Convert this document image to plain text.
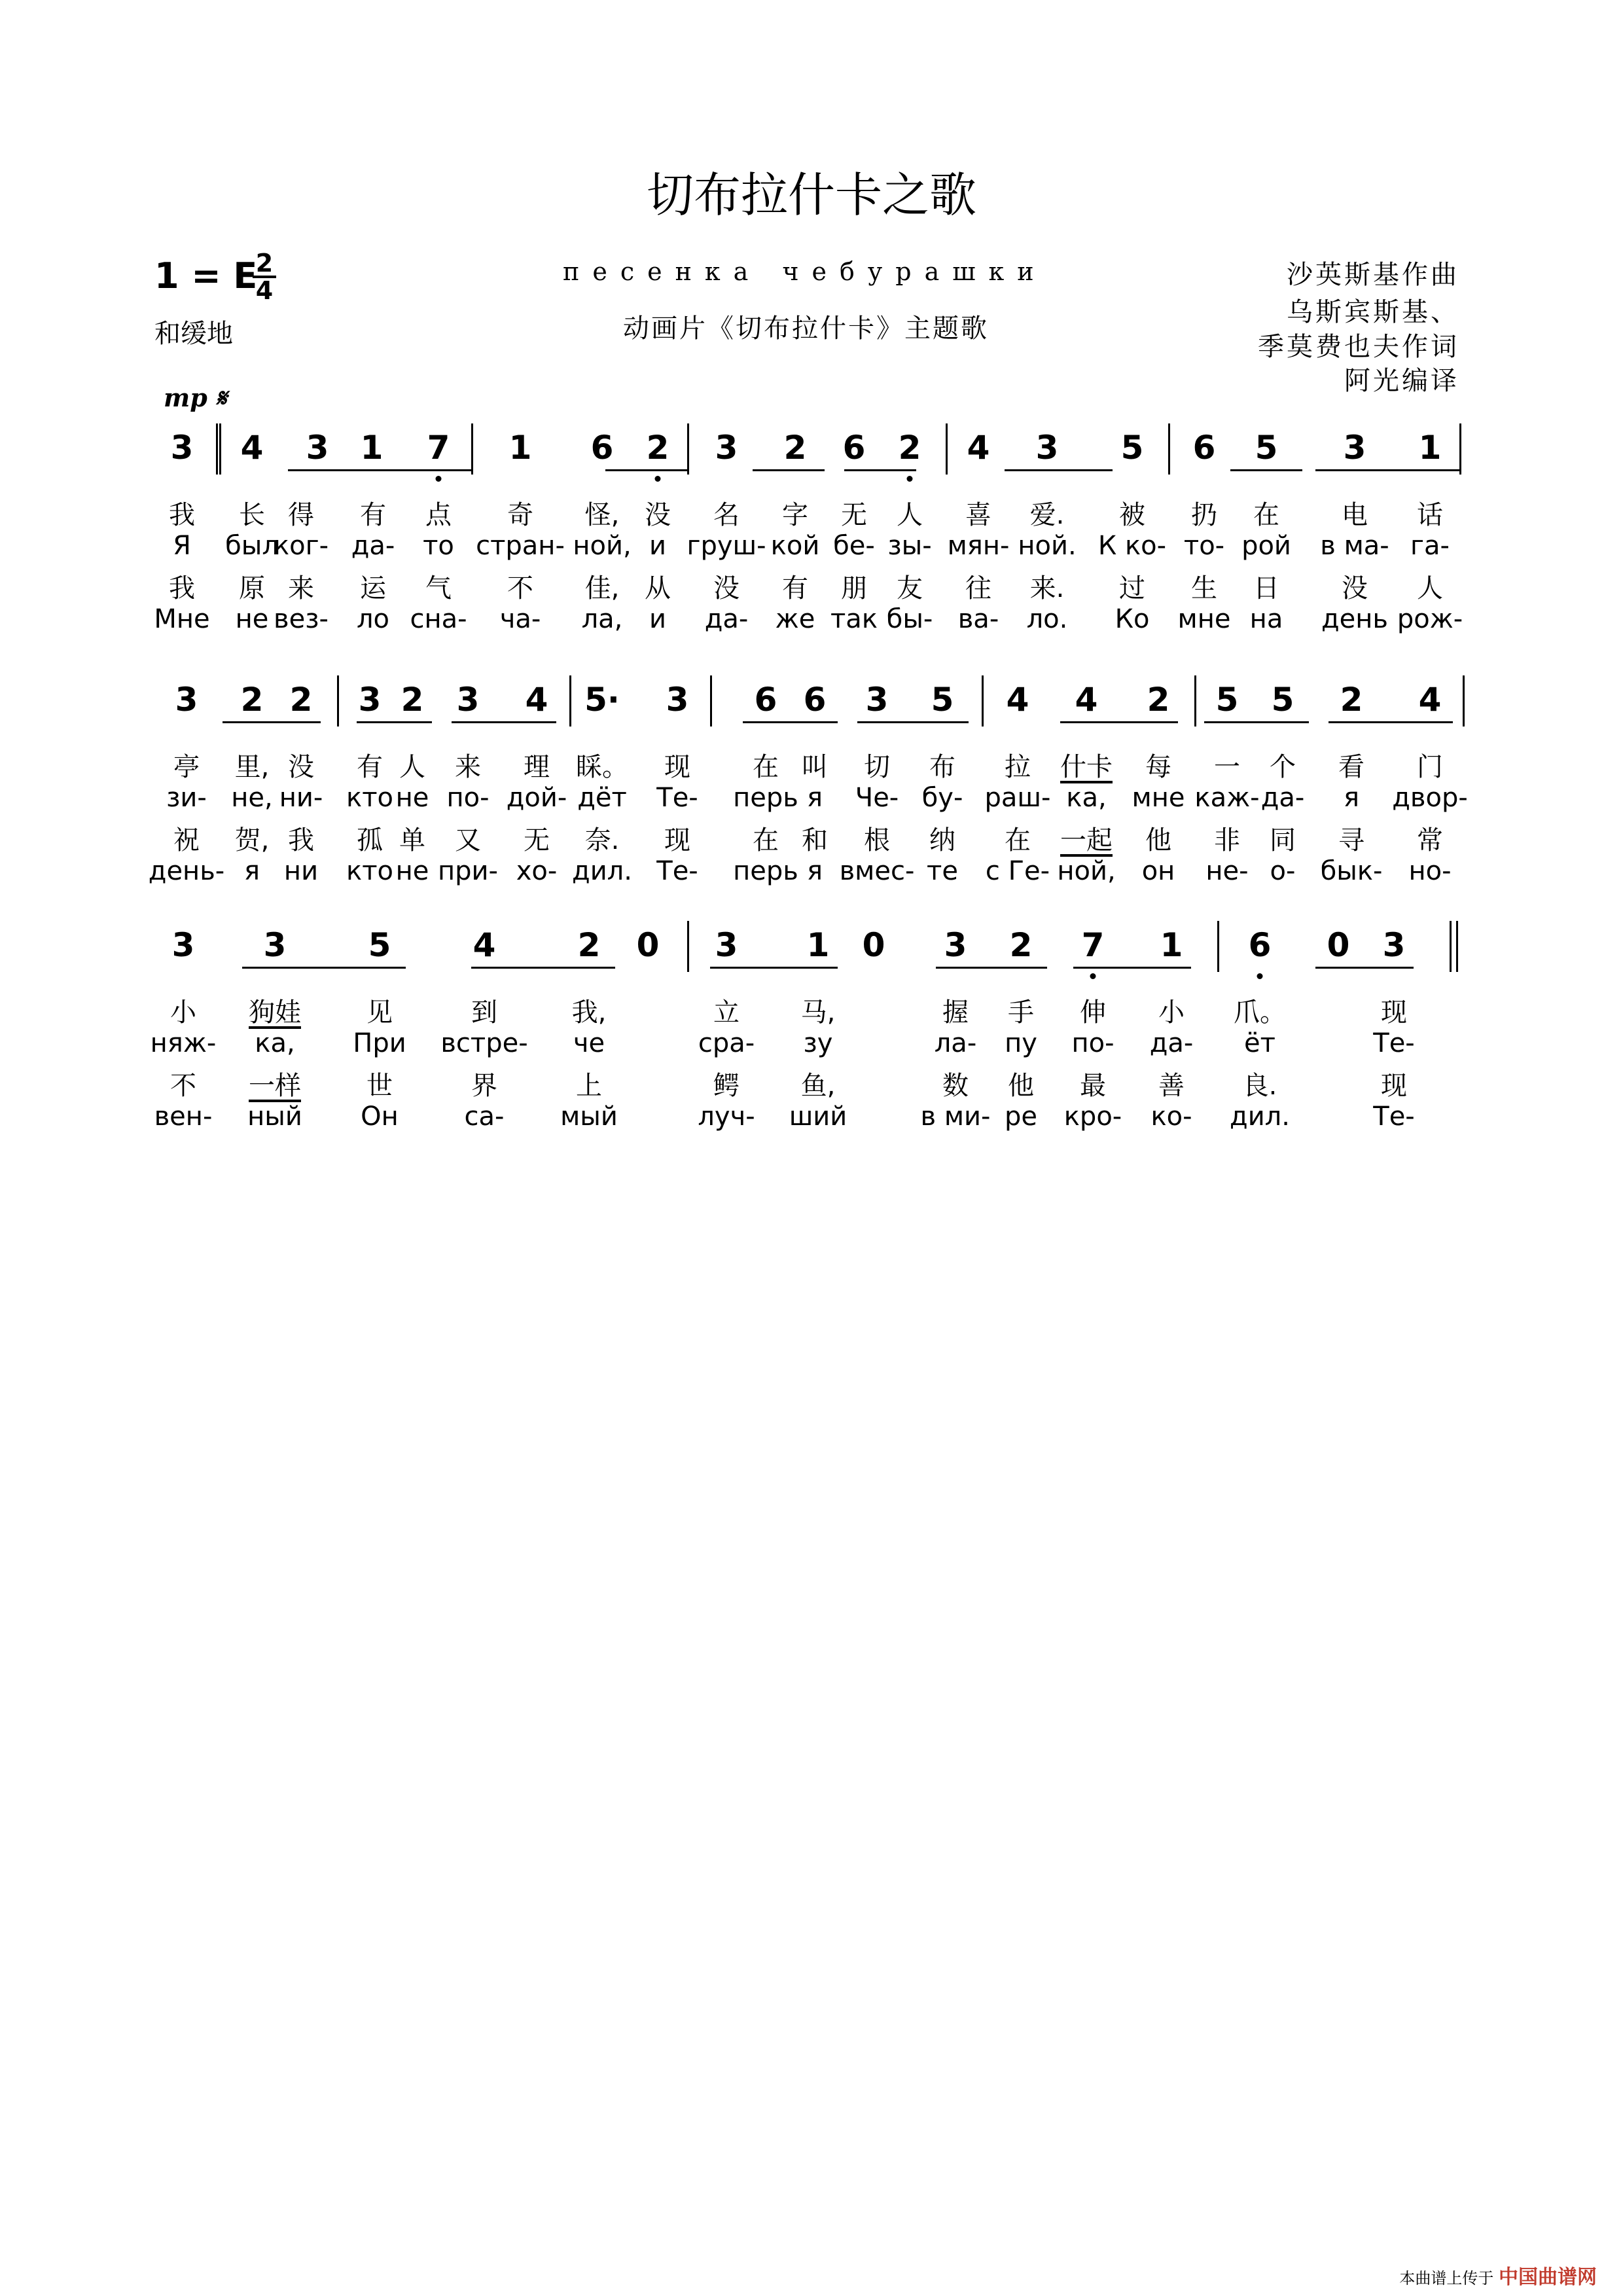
切布拉什卡之歌
1 = E
2
4
和缓地
песенка чебурашки
动画片《切布拉什卡》主题歌
沙英斯基作曲
乌斯宾斯基、
季莫费也夫作词
阿光编译
mp 𝄋
3 4 3 1 7 1 6 2 3 2 6 2 4 3 5 6 5 3 1
我 长 得 有 点 奇 怪, 没 名 字 无 人 喜 爱. 被 扔 在 电 话
Я был
ког- да- то стран- ной, и груш- кой бе- зы- мян- ной. К ко- то- рой в ма- га-
我 原 来 运 气 不 佳, 从 没 有 朋 友 往 来. 过 生 日 没 人
Мне не вез- ло сна- ча- ла, и да- же так бы- ва- ло. Ко мне на день рож-
3 2 2 3 2 3 4 5· 3 6 6 3 5 4 4 2 5 5 2 4
亭 里, 没 有 人 来 理 睬。 现 在 叫 切 布 拉 什卡 每 一 个 看 门
зи- не, ни- кто не по- дой- дёт Те- перь я Че- бу- раш- ка, мне каж- да- я двор-
祝 贺, 我 孤 单 又 无 奈. 现 在 和 根 纳 在 一起 他 非 同 寻 常
день- я ни кто не при- хо- дил. Те- перь я вмес- те с Ге- ной, он не- о- бык- но-
3 3	5	4	2 0 3 1 0 3 2 7 1 6 0 3
小 狗娃	见	到	我,	立 马,	握 手 伸 小 爪。	现
няж- ка, При встре- че	сра- зу	ла- пу по- да- ёт	Те-
不 一样	世	界	上	鳄 鱼,	数 他 最 善 良.	现
вен- ный Он	са- мый	луч- ший	в ми- ре кро- ко- дил.	Те-
本曲谱上传于 中国曲谱网
